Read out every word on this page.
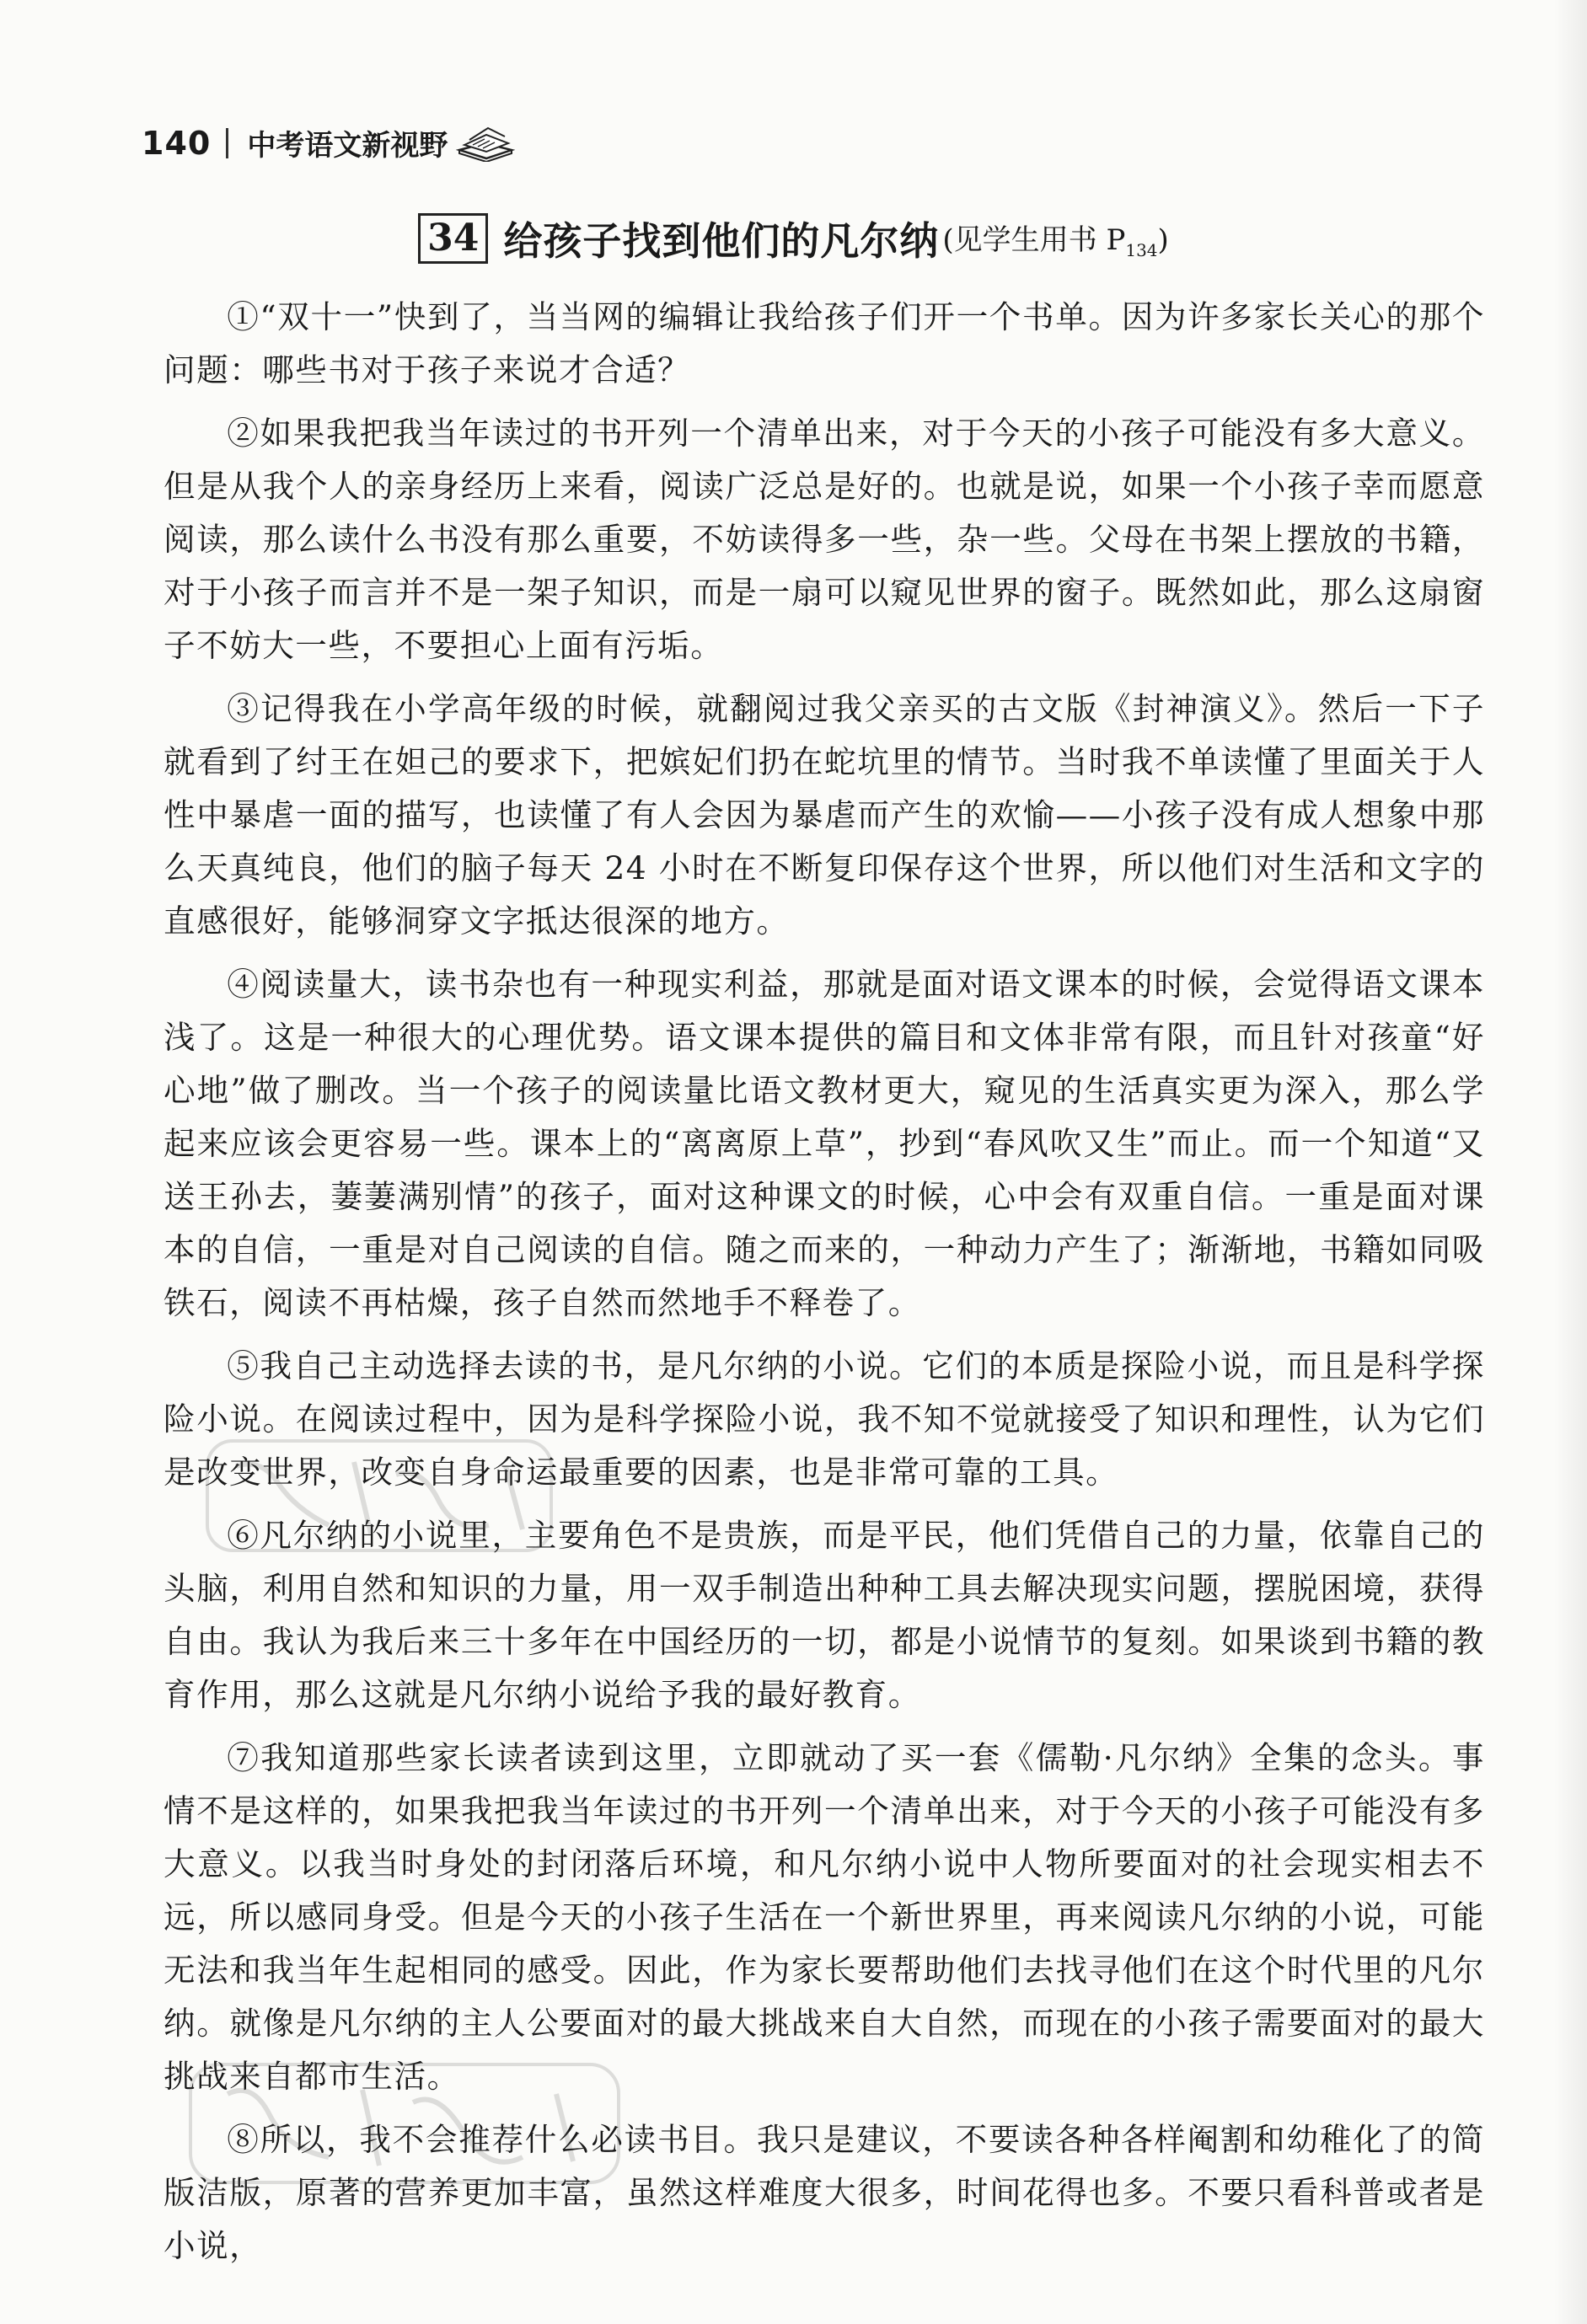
140 中考语文新视野
34 给孩子找到他们的凡尔纳 (见学生用书 $P_{134}$)

①“双十一”快到了，当当网的编辑让我给孩子们开一个书单。因为许多家长关心的那个问题：哪些书对于孩子来说才合适？

②如果我把我当年读过的书开列一个清单出来，对于今天的小孩子可能没有多大意义。但是从我个人的亲身经历上来看，阅读广泛总是好的。也就是说，如果一个小孩子幸而愿意阅读，那么读什么书没有那么重要，不妨读得多一些，杂一些。父母在书架上摆放的书籍，对于小孩子而言并不是一架子知识，而是一扇可以窥见世界的窗子。既然如此，那么这扇窗子不妨大一些，不要担心上面有污垢。

③记得我在小学高年级的时候，就翻阅过我父亲买的古文版《封神演义》。然后一下子就看到了纣王在妲己的要求下，把嫔妃们扔在蛇坑里的情节。当时我不单读懂了里面关于人性中暴虐一面的描写，也读懂了有人会因为暴虐而产生的欢愉——小孩子没有成人想象中那么天真纯良，他们的脑子每天 24 小时在不断复印保存这个世界，所以他们对生活和文字的直感很好，能够洞穿文字抵达很深的地方。

④阅读量大，读书杂也有一种现实利益，那就是面对语文课本的时候，会觉得语文课本浅了。这是一种很大的心理优势。语文课本提供的篇目和文体非常有限，而且针对孩童“好心地”做了删改。当一个孩子的阅读量比语文教材更大，窥见的生活真实更为深入，那么学起来应该会更容易一些。课本上的“离离原上草”，抄到“春风吹又生”而止。而一个知道“又送王孙去，萋萋满别情”的孩子，面对这种课文的时候，心中会有双重自信。一重是面对课本的自信，一重是对自己阅读的自信。随之而来的，一种动力产生了；渐渐地，书籍如同吸铁石，阅读不再枯燥，孩子自然而然地手不释卷了。

⑤我自己主动选择去读的书，是凡尔纳的小说。它们的本质是探险小说，而且是科学探险小说。在阅读过程中，因为是科学探险小说，我不知不觉就接受了知识和理性，认为它们是改变世界，改变自身命运最重要的因素，也是非常可靠的工具。

⑥凡尔纳的小说里，主要角色不是贵族，而是平民，他们凭借自己的力量，依靠自己的头脑，利用自然和知识的力量，用一双手制造出种种工具去解决现实问题，摆脱困境，获得自由。我认为我后来三十多年在中国经历的一切，都是小说情节的复刻。如果谈到书籍的教育作用，那么这就是凡尔纳小说给予我的最好教育。

⑦我知道那些家长读者读到这里，立即就动了买一套《儒勒·凡尔纳》全集的念头。事情不是这样的，如果我把我当年读过的书开列一个清单出来，对于今天的小孩子可能没有多大意义。以我当时身处的封闭落后环境，和凡尔纳小说中人物所要面对的社会现实相去不远，所以感同身受。但是今天的小孩子生活在一个新世界里，再来阅读凡尔纳的小说，可能无法和我当年生起相同的感受。因此，作为家长要帮助他们去找寻他们在这个时代里的凡尔纳。就像是凡尔纳的主人公要面对的最大挑战来自大自然，而现在的小孩子需要面对的最大挑战来自都市生活。

⑧所以，我不会推荐什么必读书目。我只是建议，不要读各种各样阉割和幼稚化了的简版洁版，原著的营养更加丰富，虽然这样难度大很多，时间花得也多。不要只看科普或者是小说，
